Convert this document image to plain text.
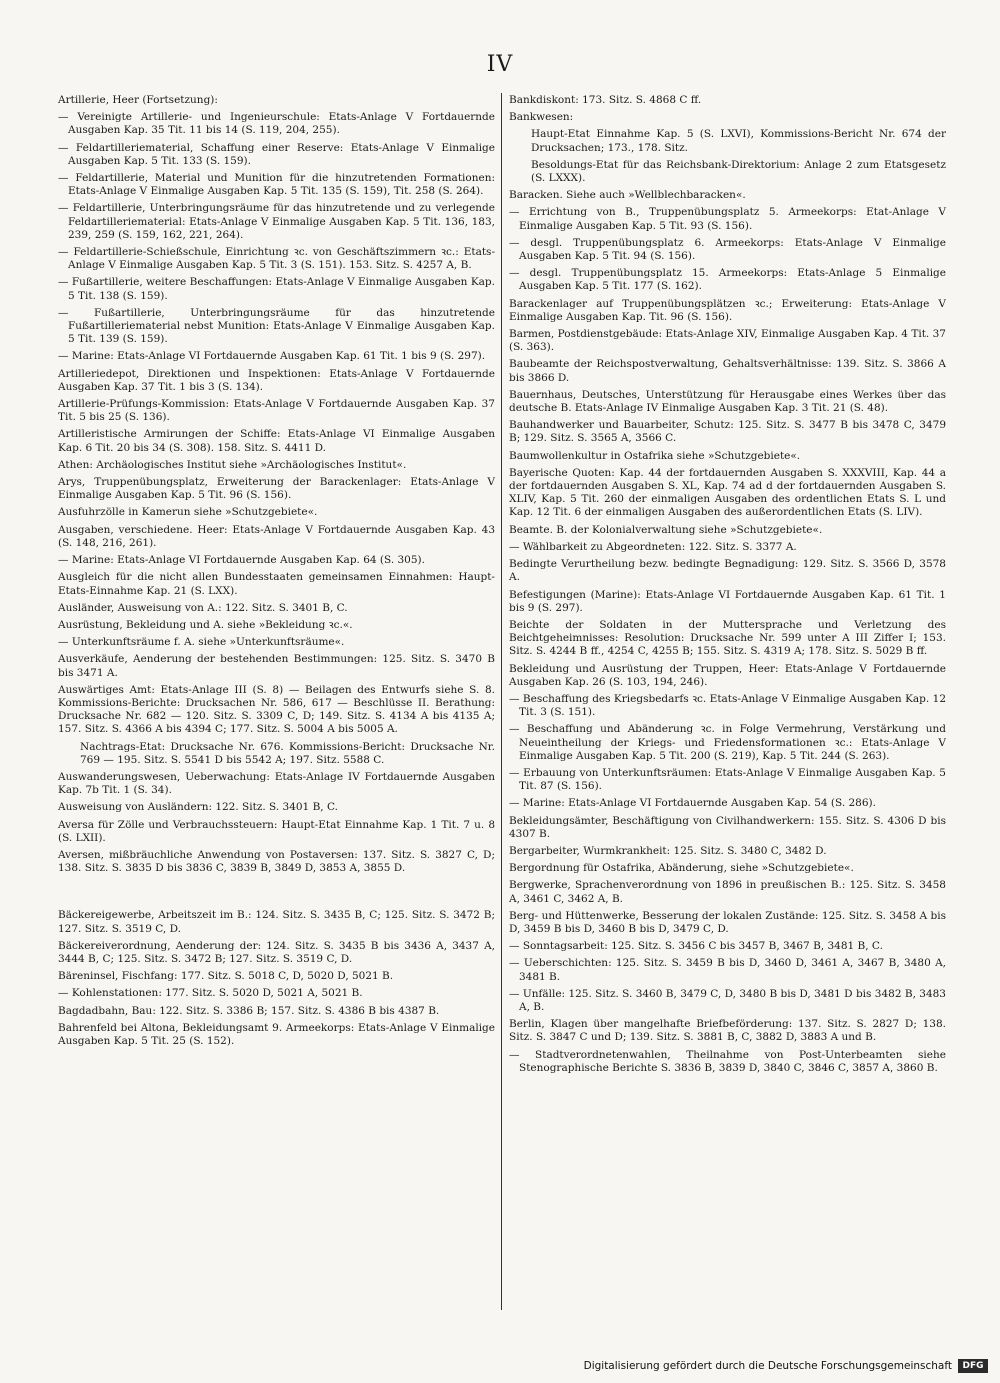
IV

Artillerie, Heer (Fortsetzung):

— Vereinigte Artillerie- und Ingenieurschule: Etats-Anlage V Fortdauernde Ausgaben Kap. 35 Tit. 11 bis 14 (S. 119, 204, 255).

— Feldartilleriematerial, Schaffung einer Reserve: Etats-Anlage V Einmalige Ausgaben Kap. 5 Tit. 133 (S. 159).

— Feldartillerie, Material und Munition für die hinzutretenden Formationen: Etats-Anlage V Einmalige Ausgaben Kap. 5 Tit. 135 (S. 159), Tit. 258 (S. 264).

— Feldartillerie, Unterbringungsräume für das hinzutretende und zu verlegende Feldartilleriematerial: Etats-Anlage V Einmalige Ausgaben Kap. 5 Tit. 136, 183, 239, 259 (S. 159, 162, 221, 264).

— Feldartillerie-Schießschule, Einrichtung ꝛc. von Geschäftszimmern ꝛc.: Etats-Anlage V Einmalige Ausgaben Kap. 5 Tit. 3 (S. 151). 153. Sitz. S. 4257 A, B.

— Fußartillerie, weitere Beschaffungen: Etats-Anlage V Einmalige Ausgaben Kap. 5 Tit. 138 (S. 159).

— Fußartillerie, Unterbringungsräume für das hinzutretende Fußartilleriematerial nebst Munition: Etats-Anlage V Einmalige Ausgaben Kap. 5 Tit. 139 (S. 159).

— Marine: Etats-Anlage VI Fortdauernde Ausgaben Kap. 61 Tit. 1 bis 9 (S. 297).

Artilleriedepot, Direktionen und Inspektionen: Etats-Anlage V Fortdauernde Ausgaben Kap. 37 Tit. 1 bis 3 (S. 134).

Artillerie-Prüfungs-Kommission: Etats-Anlage V Fortdauernde Ausgaben Kap. 37 Tit. 5 bis 25 (S. 136).

Artilleristische Armirungen der Schiffe: Etats-Anlage VI Einmalige Ausgaben Kap. 6 Tit. 20 bis 34 (S. 308). 158. Sitz. S. 4411 D.

Athen: Archäologisches Institut siehe »Archäologisches Institut«.

Arys, Truppenübungsplatz, Erweiterung der Barackenlager: Etats-Anlage V Einmalige Ausgaben Kap. 5 Tit. 96 (S. 156).

Ausfuhrzölle in Kamerun siehe »Schutzgebiete«.

Ausgaben, verschiedene. Heer: Etats-Anlage V Fortdauernde Ausgaben Kap. 43 (S. 148, 216, 261).

— Marine: Etats-Anlage VI Fortdauernde Ausgaben Kap. 64 (S. 305).

Ausgleich für die nicht allen Bundesstaaten gemeinsamen Einnahmen: Haupt-Etats-Einnahme Kap. 21 (S. LXX).

Ausländer, Ausweisung von A.: 122. Sitz. S. 3401 B, C.

Ausrüstung, Bekleidung und A. siehe »Bekleidung ꝛc.«.

— Unterkunftsräume f. A. siehe »Unterkunftsräume«.

Ausverkäufe, Aenderung der bestehenden Bestimmungen: 125. Sitz. S. 3470 B bis 3471 A.

Auswärtiges Amt: Etats-Anlage III (S. 8) — Beilagen des Entwurfs siehe S. 8. Kommissions-Berichte: Drucksachen Nr. 586, 617 — Beschlüsse II. Berathung: Drucksache Nr. 682 — 120. Sitz. S. 3309 C, D; 149. Sitz. S. 4134 A bis 4135 A; 157. Sitz. S. 4366 A bis 4394 C; 177. Sitz. S. 5004 A bis 5005 A.

Nachtrags-Etat: Drucksache Nr. 676. Kommissions-Bericht: Drucksache Nr. 769 — 195. Sitz. S. 5541 D bis 5542 A; 197. Sitz. 5588 C.

Auswanderungswesen, Ueberwachung: Etats-Anlage IV Fortdauernde Ausgaben Kap. 7b Tit. 1 (S. 34).

Ausweisung von Ausländern: 122. Sitz. S. 3401 B, C.

Aversa für Zölle und Verbrauchssteuern: Haupt-Etat Einnahme Kap. 1 Tit. 7 u. 8 (S. LXII).

Aversen, mißbräuchliche Anwendung von Postaversen: 137. Sitz. S. 3827 C, D; 138. Sitz. S. 3835 D bis 3836 C, 3839 B, 3849 D, 3853 A, 3855 D.

Bäckereigewerbe, Arbeitszeit im B.: 124. Sitz. S. 3435 B, C; 125. Sitz. S. 3472 B; 127. Sitz. S. 3519 C, D.

Bäckereiverordnung, Aenderung der: 124. Sitz. S. 3435 B bis 3436 A, 3437 A, 3444 B, C; 125. Sitz. S. 3472 B; 127. Sitz. S. 3519 C, D.

Bäreninsel, Fischfang: 177. Sitz. S. 5018 C, D, 5020 D, 5021 B.

— Kohlenstationen: 177. Sitz. S. 5020 D, 5021 A, 5021 B.

Bagdadbahn, Bau: 122. Sitz. S. 3386 B; 157. Sitz. S. 4386 B bis 4387 B.

Bahrenfeld bei Altona, Bekleidungsamt 9. Armeekorps: Etats-Anlage V Einmalige Ausgaben Kap. 5 Tit. 25 (S. 152).

Bankdiskont: 173. Sitz. S. 4868 C ff.

Bankwesen:

Haupt-Etat Einnahme Kap. 5 (S. LXVI), Kommissions-Bericht Nr. 674 der Drucksachen; 173., 178. Sitz.

Besoldungs-Etat für das Reichsbank-Direktorium: Anlage 2 zum Etatsgesetz (S. LXXX).

Baracken. Siehe auch »Wellblechbaracken«.

— Errichtung von B., Truppenübungsplatz 5. Armeekorps: Etat-Anlage V Einmalige Ausgaben Kap. 5 Tit. 93 (S. 156).

— desgl. Truppenübungsplatz 6. Armeekorps: Etats-Anlage V Einmalige Ausgaben Kap. 5 Tit. 94 (S. 156).

— desgl. Truppenübungsplatz 15. Armeekorps: Etats-Anlage 5 Einmalige Ausgaben Kap. 5 Tit. 177 (S. 162).

Barackenlager auf Truppenübungsplätzen ꝛc.; Erweiterung: Etats-Anlage V Einmalige Ausgaben Kap. Tit. 96 (S. 156).

Barmen, Postdienstgebäude: Etats-Anlage XIV, Einmalige Ausgaben Kap. 4 Tit. 37 (S. 363).

Baubeamte der Reichspostverwaltung, Gehaltsverhältnisse: 139. Sitz. S. 3866 A bis 3866 D.

Bauernhaus, Deutsches, Unterstützung für Herausgabe eines Werkes über das deutsche B. Etats-Anlage IV Einmalige Ausgaben Kap. 3 Tit. 21 (S. 48).

Bauhandwerker und Bauarbeiter, Schutz: 125. Sitz. S. 3477 B bis 3478 C, 3479 B; 129. Sitz. S. 3565 A, 3566 C.

Baumwollenkultur in Ostafrika siehe »Schutzgebiete«.

Bayerische Quoten: Kap. 44 der fortdauernden Ausgaben S. XXXVIII, Kap. 44 a der fortdauernden Ausgaben S. XL, Kap. 74 ad d der fortdauernden Ausgaben S. XLIV, Kap. 5 Tit. 260 der einmaligen Ausgaben des ordentlichen Etats S. L und Kap. 12 Tit. 6 der einmaligen Ausgaben des außerordentlichen Etats (S. LIV).

Beamte. B. der Kolonialverwaltung siehe »Schutzgebiete«.

— Wählbarkeit zu Abgeordneten: 122. Sitz. S. 3377 A.

Bedingte Verurtheilung bezw. bedingte Begnadigung: 129. Sitz. S. 3566 D, 3578 A.

Befestigungen (Marine): Etats-Anlage VI Fortdauernde Ausgaben Kap. 61 Tit. 1 bis 9 (S. 297).

Beichte der Soldaten in der Muttersprache und Verletzung des Beichtgeheimnisses: Resolution: Drucksache Nr. 599 unter A III Ziffer I; 153. Sitz. S. 4244 B ff., 4254 C, 4255 B; 155. Sitz. S. 4319 A; 178. Sitz. S. 5029 B ff.

Bekleidung und Ausrüstung der Truppen, Heer: Etats-Anlage V Fortdauernde Ausgaben Kap. 26 (S. 103, 194, 246).

— Beschaffung des Kriegsbedarfs ꝛc. Etats-Anlage V Einmalige Ausgaben Kap. 12 Tit. 3 (S. 151).

— Beschaffung und Abänderung ꝛc. in Folge Vermehrung, Verstärkung und Neueintheilung der Kriegs- und Friedensformationen ꝛc.: Etats-Anlage V Einmalige Ausgaben Kap. 5 Tit. 200 (S. 219), Kap. 5 Tit. 244 (S. 263).

— Erbauung von Unterkunftsräumen: Etats-Anlage V Einmalige Ausgaben Kap. 5 Tit. 87 (S. 156).

— Marine: Etats-Anlage VI Fortdauernde Ausgaben Kap. 54 (S. 286).

Bekleidungsämter, Beschäftigung von Civilhandwerkern: 155. Sitz. S. 4306 D bis 4307 B.

Bergarbeiter, Wurmkrankheit: 125. Sitz. S. 3480 C, 3482 D.

Bergordnung für Ostafrika, Abänderung, siehe »Schutzgebiete«.

Bergwerke, Sprachenverordnung von 1896 in preußischen B.: 125. Sitz. S. 3458 A, 3461 C, 3462 A, B.

Berg- und Hüttenwerke, Besserung der lokalen Zustände: 125. Sitz. S. 3458 A bis D, 3459 B bis D, 3460 B bis D, 3479 C, D.

— Sonntagsarbeit: 125. Sitz. S. 3456 C bis 3457 B, 3467 B, 3481 B, C.

— Ueberschichten: 125. Sitz. S. 3459 B bis D, 3460 D, 3461 A, 3467 B, 3480 A, 3481 B.

— Unfälle: 125. Sitz. S. 3460 B, 3479 C, D, 3480 B bis D, 3481 D bis 3482 B, 3483 A, B.

Berlin, Klagen über mangelhafte Briefbeförderung: 137. Sitz. S. 2827 D; 138. Sitz. S. 3847 C und D; 139. Sitz. S. 3881 B, C, 3882 D, 3883 A und B.

— Stadtverordnetenwahlen, Theilnahme von Post-Unterbeamten siehe Stenographische Berichte S. 3836 B, 3839 D, 3840 C, 3846 C, 3857 A, 3860 B.

Digitalisierung gefördert durch die Deutsche Forschungsgemeinschaft	DFG
